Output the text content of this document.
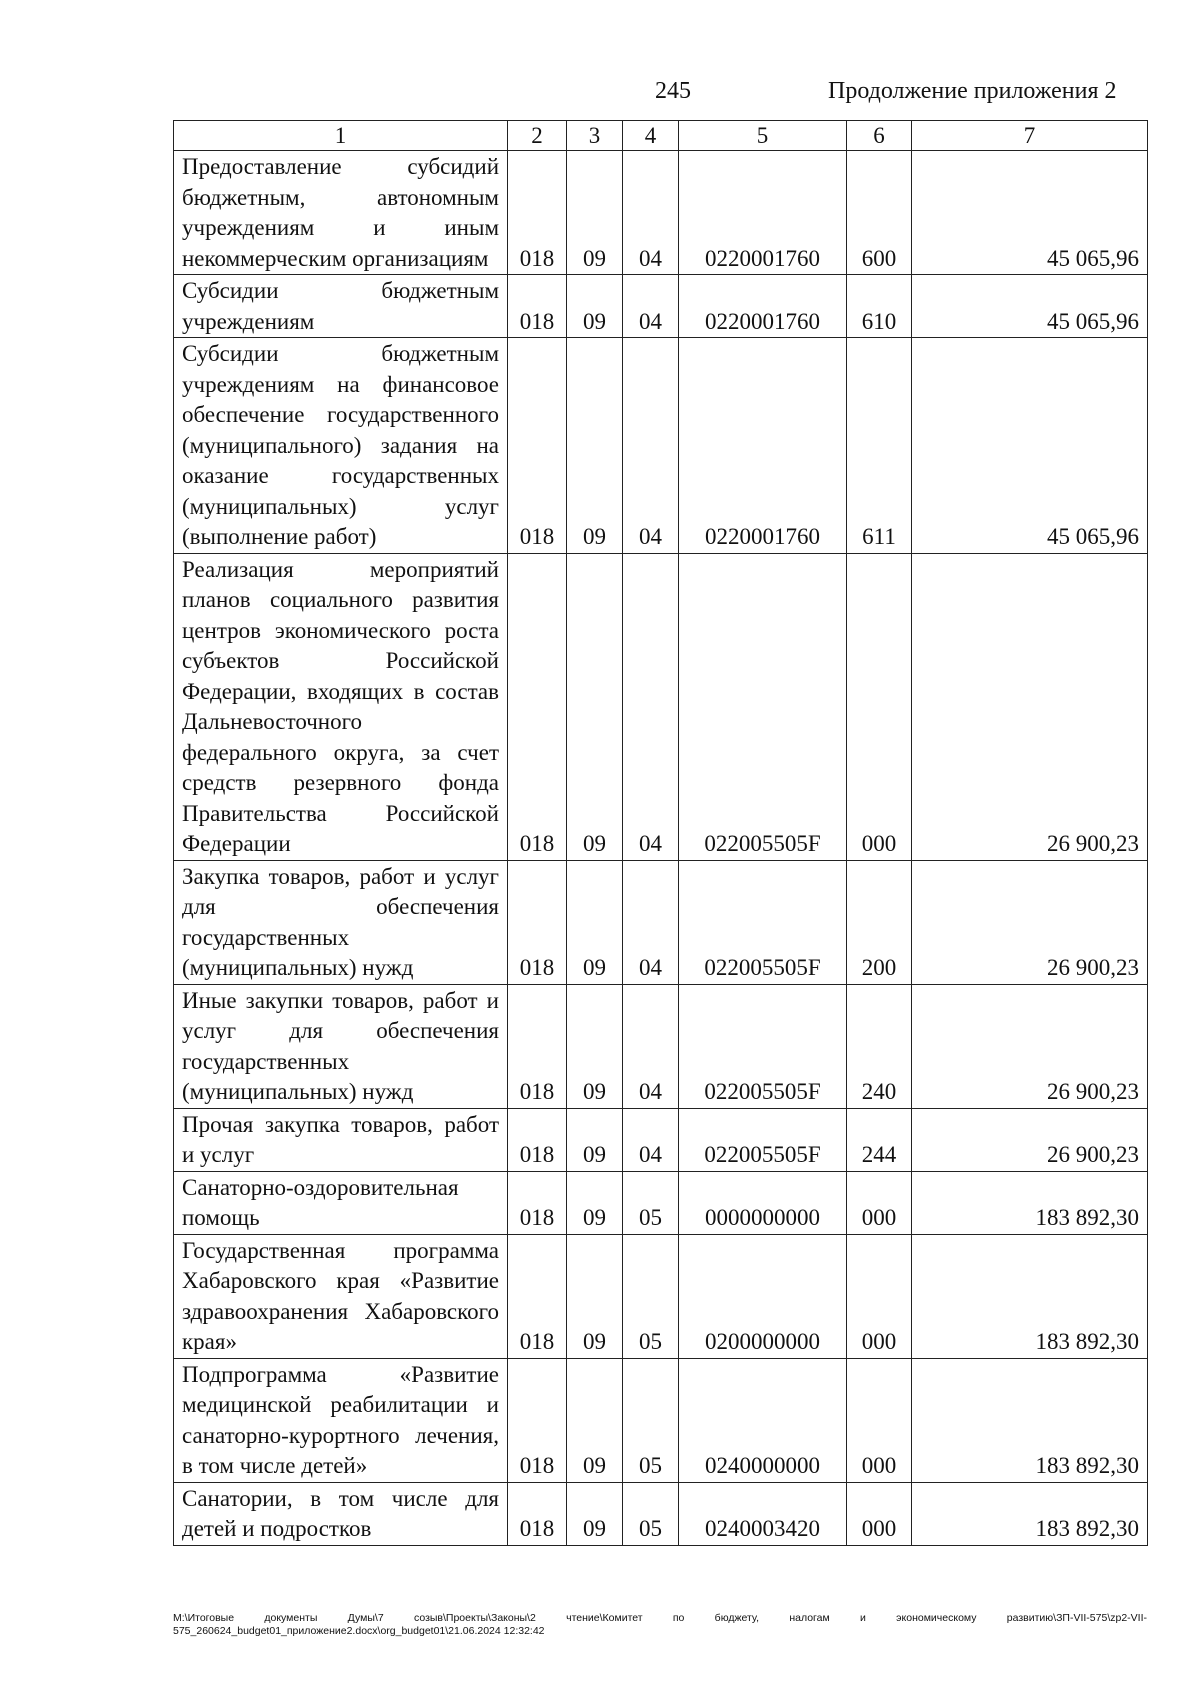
245	Продолжение приложения 2
1	2	3	4	5	6	7
Предоставление субсидий бюджетным, автономным учреждениям и иным некоммерческим организациям	018	09	04	0220001760	600	45 065,96
Субсидии бюджетным учреждениям	018	09	04	0220001760	610	45 065,96
Субсидии бюджетным учреждениям на финансовое обеспечение государственного (муниципального) задания на оказание государственных (муниципальных) услуг (выполнение работ)	018	09	04	0220001760	611	45 065,96
Реализация мероприятий планов социального развития центров экономического роста субъектов Российской Федерации, входящих в состав Дальневосточного федерального округа, за счет средств резервного фонда Правительства Российской Федерации	018	09	04	022005505F	000	26 900,23
Закупка товаров, работ и услуг для обеспечения государственных (муниципальных) нужд	018	09	04	022005505F	200	26 900,23
Иные закупки товаров, работ и услуг для обеспечения государственных (муниципальных) нужд	018	09	04	022005505F	240	26 900,23
Прочая закупка товаров, работ и услуг	018	09	04	022005505F	244	26 900,23
Санаторно-оздоровительная помощь	018	09	05	0000000000	000	183 892,30
Государственная программа Хабаровского края «Развитие здравоохранения Хабаровского края»	018	09	05	0200000000	000	183 892,30
Подпрограмма «Развитие медицинской реабилитации и санаторно-курортного лечения, в том числе детей»	018	09	05	0240000000	000	183 892,30
Санатории, в том числе для детей и подростков	018	09	05	0240003420	000	183 892,30
M:\Итоговые документы Думы\7 созыв\Проекты\Законы\2 чтение\Комитет по бюджету, налогам и экономическому развитию\ЗП-VII-575\zp2-VII-575_260624_budget01_приложение2.docx\org_budget01\21.06.2024 12:32:42
